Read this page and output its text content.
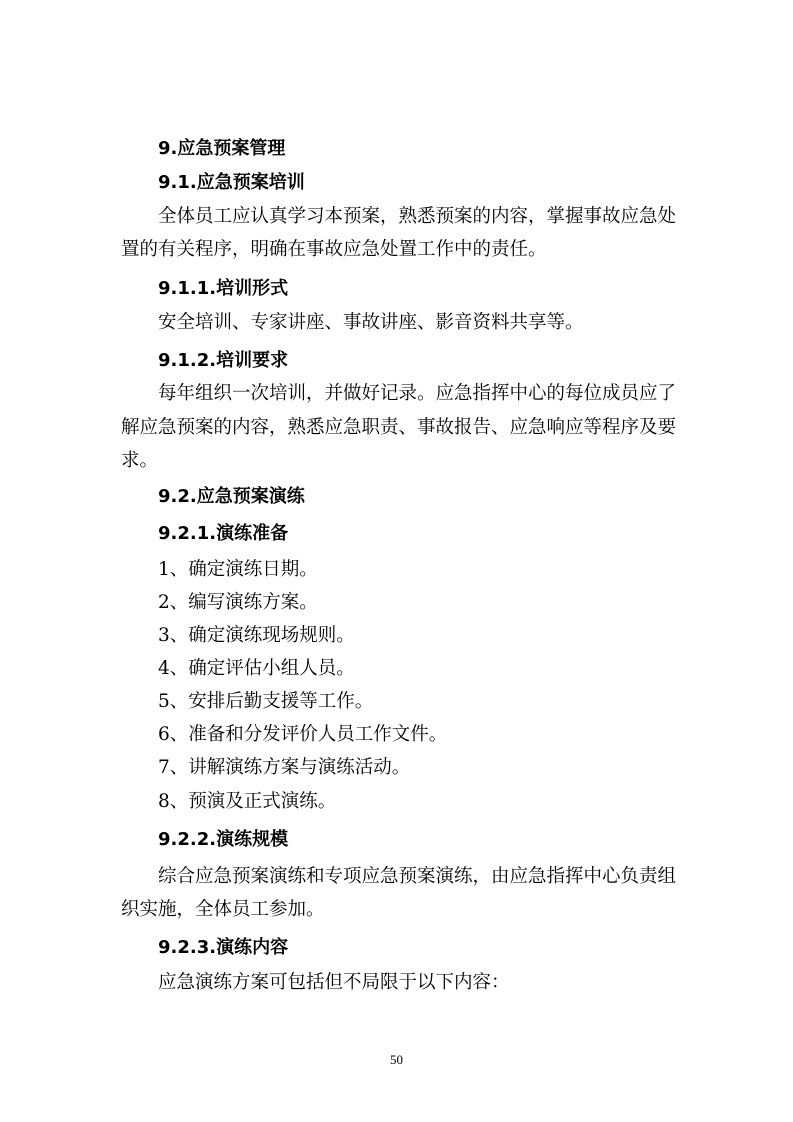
9.应急预案管理
9.1.应急预案培训
全体员工应认真学习本预案，熟悉预案的内容，掌握事故应急处
置的有关程序，明确在事故应急处置工作中的责任。
9.1.1.培训形式
安全培训、专家讲座、事故讲座、影音资料共享等。
9.1.2.培训要求
每年组织一次培训，并做好记录。应急指挥中心的每位成员应了
解应急预案的内容，熟悉应急职责、事故报告、应急响应等程序及要
求。
9.2.应急预案演练
9.2.1.演练准备
1、确定演练日期。
2、编写演练方案。
3、确定演练现场规则。
4、确定评估小组人员。
5、安排后勤支援等工作。
6、准备和分发评价人员工作文件。
7、讲解演练方案与演练活动。
8、预演及正式演练。
9.2.2.演练规模
综合应急预案演练和专项应急预案演练，由应急指挥中心负责组
织实施，全体员工参加。
9.2.3.演练内容
应急演练方案可包括但不局限于以下内容：
50
